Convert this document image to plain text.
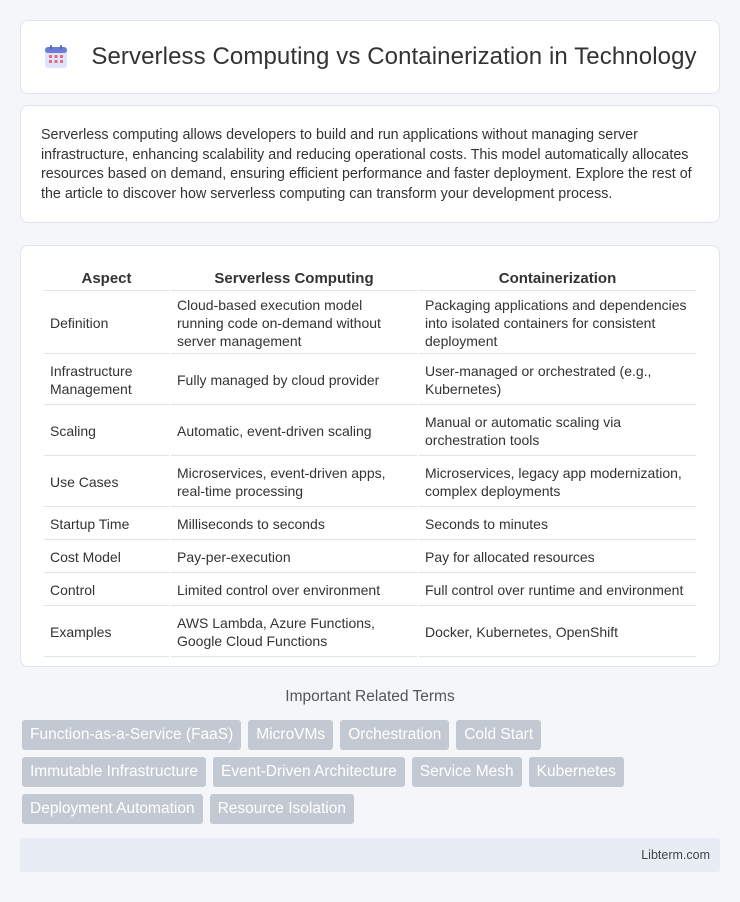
Serverless Computing vs Containerization in Technology

Serverless computing allows developers to build and run applications without managing server infrastructure, enhancing scalability and reducing operational costs. This model automatically allocates resources based on demand, ensuring efficient performance and faster deployment. Explore the rest of the article to discover how serverless computing can transform your development process.

Aspect	Serverless Computing	Containerization
Definition	Cloud-based execution model running code on-demand without server management	Packaging applications and dependencies into isolated containers for consistent deployment
Infrastructure Management	Fully managed by cloud provider	User-managed or orchestrated (e.g., Kubernetes)
Scaling	Automatic, event-driven scaling	Manual or automatic scaling via orchestration tools
Use Cases	Microservices, event-driven apps, real-time processing	Microservices, legacy app modernization, complex deployments
Startup Time	Milliseconds to seconds	Seconds to minutes
Cost Model	Pay-per-execution	Pay for allocated resources
Control	Limited control over environment	Full control over runtime and environment
Examples	AWS Lambda, Azure Functions, Google Cloud Functions	Docker, Kubernetes, OpenShift
Important Related Terms
Function-as-a-Service (FaaS)	MicroVMs	Orchestration	Cold Start
Immutable Infrastructure	Event-Driven Architecture	Service Mesh	Kubernetes
Deployment Automation	Resource Isolation
Libterm.com
